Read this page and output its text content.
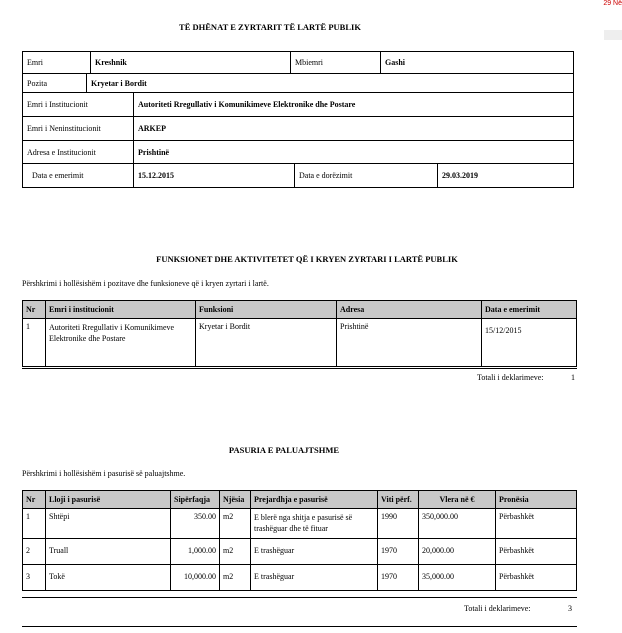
29 Në
TË DHËNAT E ZYRTARIT TË LARTË PUBLIK
Emri	Kreshnik	Mbiemri	Gashi
Pozita	Kryetar i Bordit
Emri i Institucionit	Autoriteti Rregullativ i Komunikimeve Elektronike dhe Postare
Emri i Neninstitucionit	ARKEP
Adresa e Institucionit	Prishtinë
Data e emerimit	15.12.2015	Data e dorëzimit	29.03.2019
FUNKSIONET DHE AKTIVITETET QË I KRYEN ZYRTARI I LARTË PUBLIK
Përshkrimi i hollësishëm i pozitave dhe funksioneve që i kryen zyrtari i lartë.
Nr	Emri i institucionit	Funksioni	Adresa	Data e emerimit
1	Autoriteti Rregullativ i Komunikimeve Elektronike dhe Postare	Kryetar i Bordit	Prishtinë	15/12/2015
Totali i deklarimeve:	1
PASURIA E PALUAJTSHME
Përshkrimi i hollësishëm i pasurisë së paluajtshme.
Nr	Lloji i pasurisë	Sipërfaqja	Njësia	Prejardhja e pasurisë	Viti përf.	Vlera në €	Pronësia
1	Shtëpi	350.00	m2	E blerë nga shitja e pasurisë së trashëguar dhe të fituar	1990	350,000.00	Përbashkët
2	Truall	1,000.00	m2	E trashëguar	1970	20,000.00	Përbashkët
3	Tokë	10,000.00	m2	E trashëguar	1970	35,000.00	Përbashkët
Totali i deklarimeve:	3
